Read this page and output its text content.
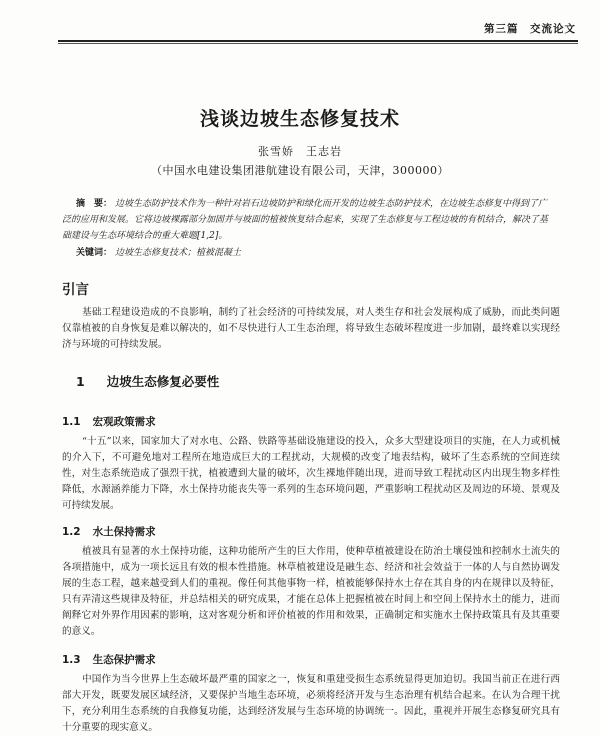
第三篇　交流论文
浅谈边坡生态修复技术
张雪娇　王志岩
（中国水电建设集团港航建设有限公司，天津，300000）
摘　要： 边坡生态防护技术作为一种针对岩石边坡防护和绿化而开发的边坡生态防护技术，在边坡生态修复中得到了广泛的应用和发展。它将边坡裸露部分加固并与坡面的植被恢复结合起来，实现了生态修复与工程边坡的有机结合，解决了基础建设与生态环境结合的重大难题[1,2]。
关键词： 边坡生态修复技术；植被混凝土
引言
基础工程建设造成的不良影响，制约了社会经济的可持续发展，对人类生存和社会发展构成了威胁，而此类问题仅靠植被的自身恢复是难以解决的，如不尽快进行人工生态治理，将导致生态破坏程度进一步加剧，最终难以实现经济与环境的可持续发展。
1 边坡生态修复必要性
1.1 宏观政策需求
“十五”以来，国家加大了对水电、公路、铁路等基础设施建设的投入，众多大型建设项目的实施，在人力或机械的介入下，不可避免地对工程所在地造成巨大的工程扰动，大规模的改变了地表结构，破坏了生态系统的空间连续性，对生态系统造成了强烈干扰，植被遭到大量的破坏，次生裸地伴随出现，进而导致工程扰动区内出现生物多样性降低，水源涵养能力下降，水土保持功能丧失等一系列的生态环境问题，严重影响工程扰动区及周边的环境、景观及可持续发展。
1.2 水土保持需求
植被具有显著的水土保持功能，这种功能所产生的巨大作用，使种草植被建设在防治土壤侵蚀和控制水土流失的各项措施中，成为一项长远且有效的根本性措施。林草植被建设是融生态、经济和社会效益于一体的人与自然协调发展的生态工程，越来越受到人们的重视。像任何其他事物一样，植被能够保持水土存在其自身的内在规律以及特征，只有弄清这些规律及特征，并总结相关的研究成果，才能在总体上把握植被在时间上和空间上保持水土的能力，进而阐释它对外界作用因素的影响，这对客观分析和评价植被的作用和效果，正确制定和实施水土保持政策具有及其重要的意义。
1.3 生态保护需求
中国作为当今世界上生态破坏最严重的国家之一，恢复和重建受损生态系统显得更加迫切。我国当前正在进行西部大开发，既要发展区域经济，又要保护当地生态环境，必须将经济开发与生态治理有机结合起来。在认为合理干扰下，充分利用生态系统的自我修复功能，达到经济发展与生态环境的协调统一。因此，重视并开展生态修复研究具有十分重要的现实意义。
